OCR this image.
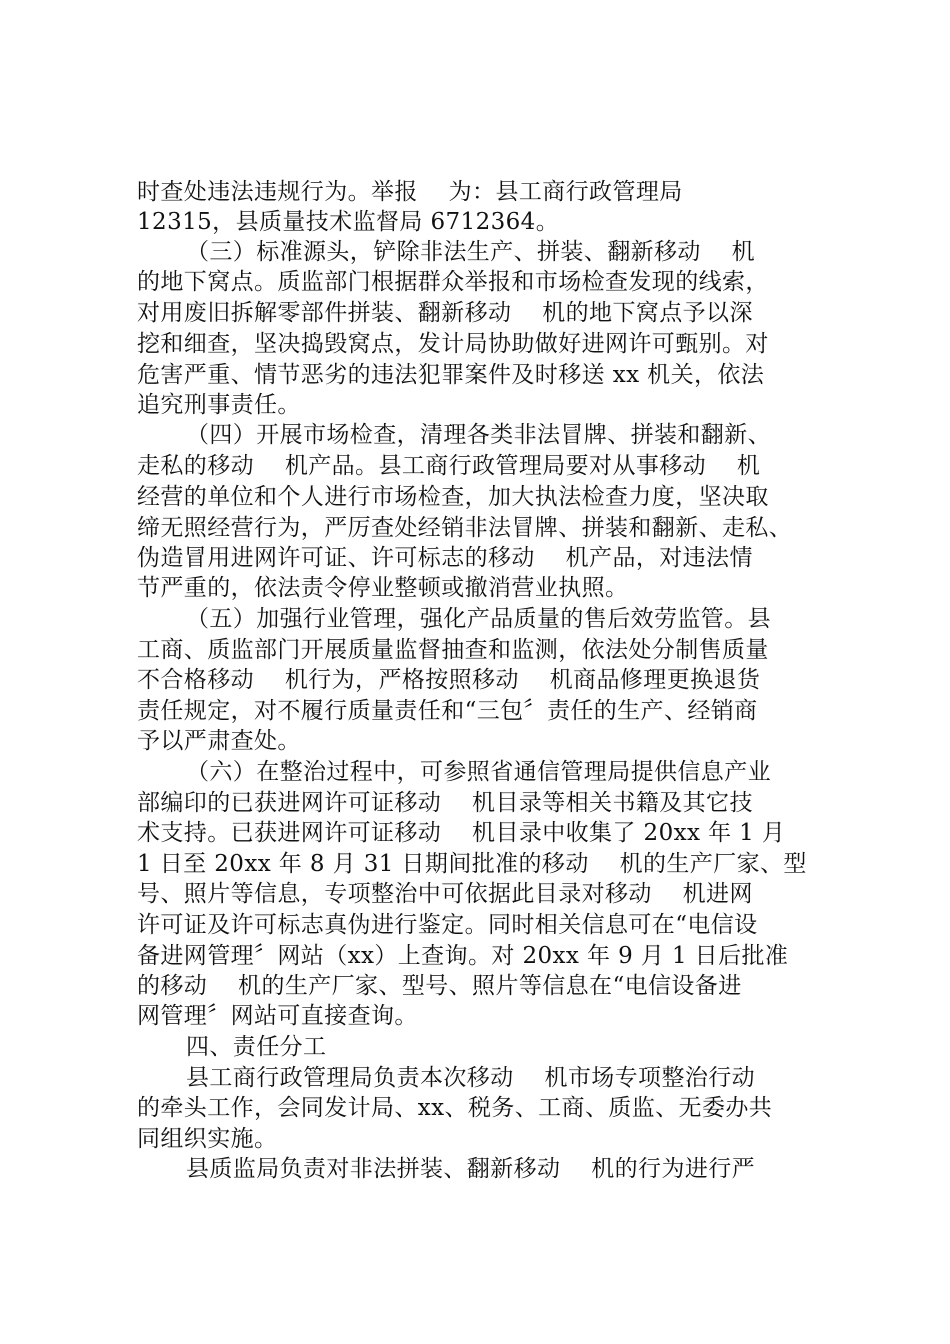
时查处违法违规行为。举报    为：县工商行政管理局
12315，县质量技术监督局 6712364。
（三）标准源头，铲除非法生产、拼装、翻新移动    机
的地下窝点。质监部门根据群众举报和市场检查发现的线索，
对用废旧拆解零部件拼装、翻新移动    机的地下窝点予以深
挖和细查，坚决捣毁窝点，发计局协助做好进网许可甄别。对
危害严重、情节恶劣的违法犯罪案件及时移送 xx 机关，依法
追究刑事责任。
（四）开展市场检查，清理各类非法冒牌、拼装和翻新、
走私的移动    机产品。县工商行政管理局要对从事移动    机
经营的单位和个人进行市场检查，加大执法检查力度，坚决取
缔无照经营行为，严厉查处经销非法冒牌、拼装和翻新、走私、
伪造冒用进网许可证、许可标志的移动    机产品，对违法情
节严重的，依法责令停业整顿或撤消营业执照。
（五）加强行业管理，强化产品质量的售后效劳监管。县
工商、质监部门开展质量监督抽查和监测，依法处分制售质量
不合格移动    机行为，严格按照移动    机商品修理更换退货
责任规定，对不履行质量责任和“三包〞责任的生产、经销商
予以严肃查处。
（六）在整治过程中，可参照省通信管理局提供信息产业
部编印的已获进网许可证移动    机目录等相关书籍及其它技
术支持。已获进网许可证移动    机目录中收集了 20xx 年 1 月
1 日至 20xx 年 8 月 31 日期间批准的移动    机的生产厂家、型
号、照片等信息，专项整治中可依据此目录对移动    机进网
许可证及许可标志真伪进行鉴定。同时相关信息可在“电信设
备进网管理〞网站（xx）上查询。对 20xx 年 9 月 1 日后批准
的移动    机的生产厂家、型号、照片等信息在“电信设备进
网管理〞网站可直接查询。
四、责任分工
县工商行政管理局负责本次移动    机市场专项整治行动
的牵头工作，会同发计局、xx、税务、工商、质监、无委办共
同组织实施。
县质监局负责对非法拼装、翻新移动    机的行为进行严
